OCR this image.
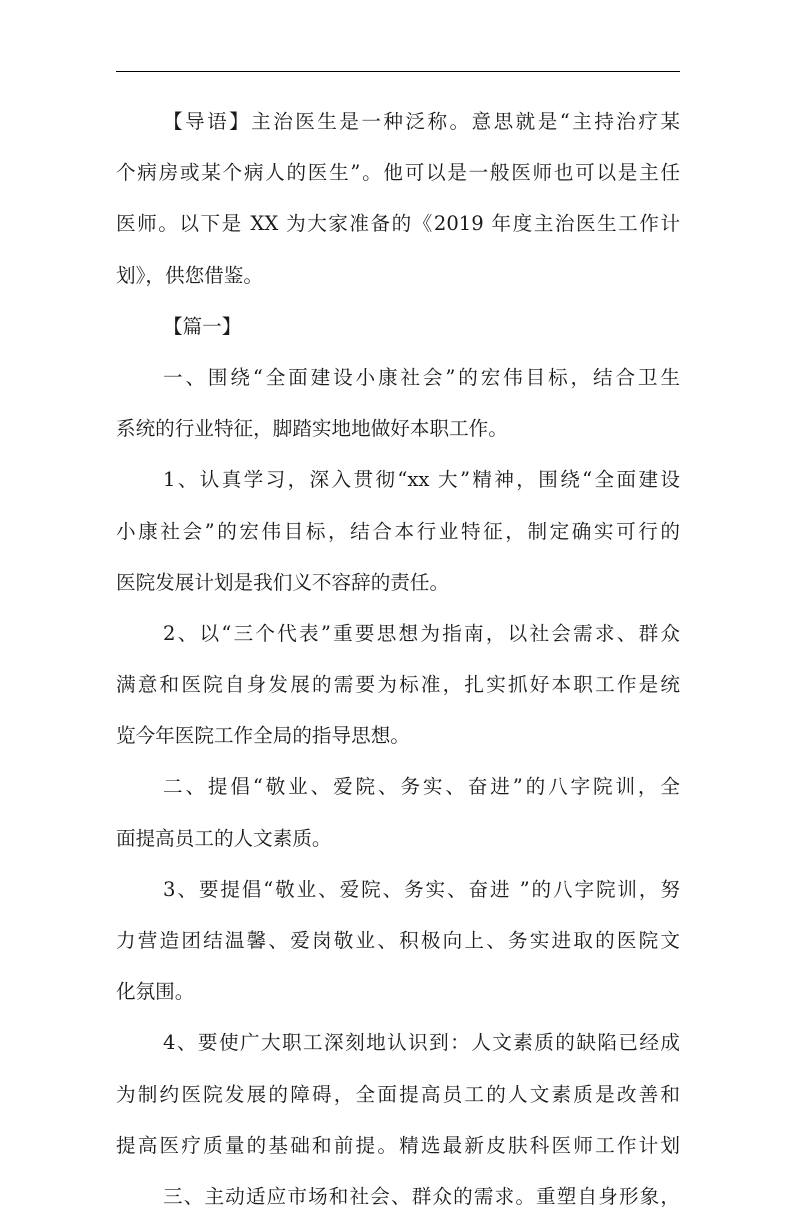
【导语】主治医生是一种泛称。意思就是“主持治疗某
个病房或某个病人的医生”。他可以是一般医师也可以是主任
医师。以下是 XX 为大家准备的《2019 年度主治医生工作计
划》，供您借鉴。
【篇一】
一、围绕“全面建设小康社会”的宏伟目标，结合卫生
系统的行业特征，脚踏实地地做好本职工作。
1、认真学习，深入贯彻“xx 大”精神，围绕“全面建设
小康社会”的宏伟目标，结合本行业特征，制定确实可行的
医院发展计划是我们义不容辞的责任。
2、以“三个代表”重要思想为指南，以社会需求、群众
满意和医院自身发展的需要为标准，扎实抓好本职工作是统
览今年医院工作全局的指导思想。
二、提倡“敬业、爱院、务实、奋进”的八字院训，全
面提高员工的人文素质。
3、要提倡“敬业、爱院、务实、奋进 ”的八字院训，努
力营造团结温馨、爱岗敬业、积极向上、务实进取的医院文
化氛围。
4、要使广大职工深刻地认识到：人文素质的缺陷已经成
为制约医院发展的障碍，全面提高员工的人文素质是改善和
提高医疗质量的基础和前提。精选最新皮肤科医师工作计划
三、主动适应市场和社会、群众的需求。重塑自身形象，
